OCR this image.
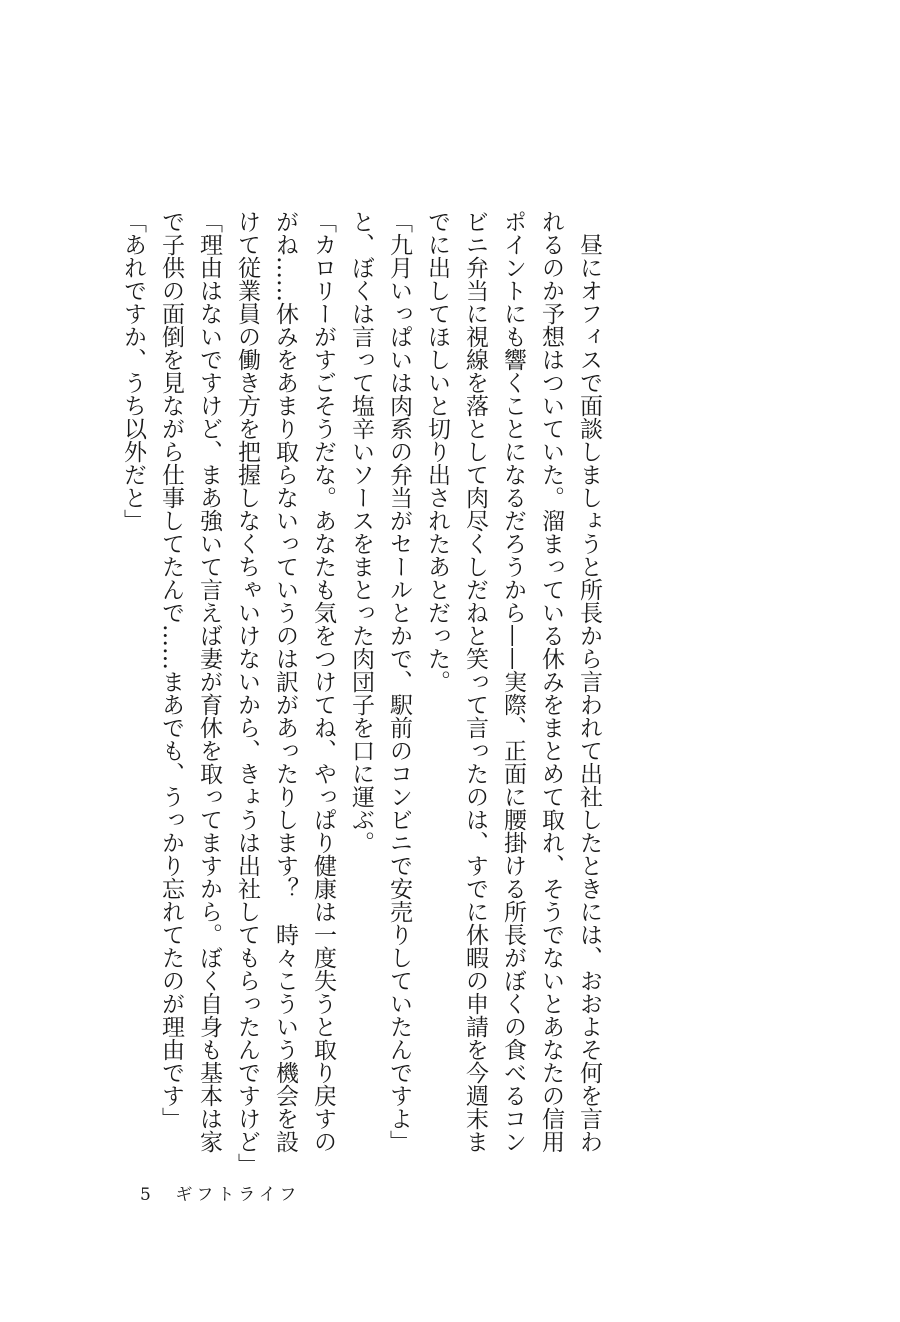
昼にオフィスで面談しましょうと所長から言われて出社したときには、おおよそ何を言われるのか予想はついていた。溜まっている休みをまとめて取れ、そうでないとあなたの信用ポイントにも響くことになるだろうから——実際、正面に腰掛ける所長がぼくの食べるコンビニ弁当に視線を落として肉尽くしだねと笑って言ったのは、すでに休暇の申請を今週末までに出してほしいと切り出されたあとだった。

「九月いっぱいは肉系の弁当がセールとかで、駅前のコンビニで安売りしていたんですよ」と、ぼくは言って塩辛いソースをまとった肉団子を口に運ぶ。

「カロリーがすごそうだな。あなたも気をつけてね、やっぱり健康は一度失うと取り戻すのがね……休みをあまり取らないっていうのは訳があったりします？　時々こういう機会を設けて従業員の働き方を把握しなくちゃいけないから、きょうは出社してもらったんですけど」

「理由はないですけど、まあ強いて言えば妻が育休を取ってますから。ぼく自身も基本は家で子供の面倒を見ながら仕事してたんで……まあでも、うっかり忘れてたのが理由です」

「あれですか、うち以外だと」

5 ギフトライフ
